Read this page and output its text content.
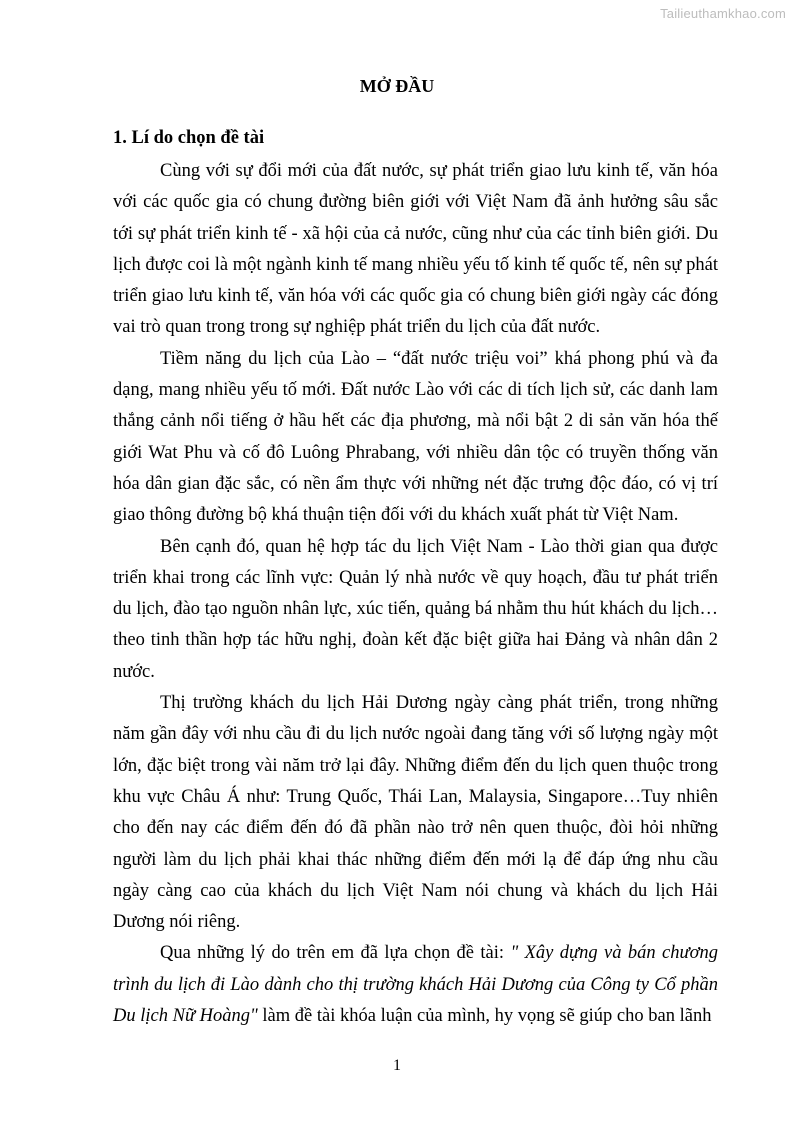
Tailieuthamkhao.com
MỞ ĐẦU
1. Lí do chọn đề tài

Cùng với sự đổi mới của đất nước, sự phát triển giao lưu kinh tế, văn hóa với các quốc gia có chung đường biên giới với Việt Nam đã ảnh hưởng sâu sắc tới sự phát triển kinh tế - xã hội của cả nước, cũng như của các tỉnh biên giới. Du lịch được coi là một ngành kinh tế mang nhiều yếu tố kinh tế quốc tế, nên sự phát triển giao lưu kinh tế, văn hóa với các quốc gia có chung biên giới ngày các đóng vai trò quan trong trong sự nghiệp phát triển du lịch của đất nước.

Tiềm năng du lịch của Lào – “đất nước triệu voi” khá phong phú và đa dạng, mang nhiều yếu tố mới. Đất nước Lào với các di tích lịch sử, các danh lam thắng cảnh nổi tiếng ở hầu hết các địa phương, mà nổi bật 2 di sản văn hóa thế giới Wat Phu và cố đô Luông Phrabang, với nhiều dân tộc có truyền thống văn hóa dân gian đặc sắc, có nền ẩm thực với những nét đặc trưng độc đáo, có vị trí giao thông đường bộ khá thuận tiện đối với du khách xuất phát từ Việt Nam.

Bên cạnh đó, quan hệ hợp tác du lịch Việt Nam - Lào thời gian qua được triển khai trong các lĩnh vực: Quản lý nhà nước về quy hoạch, đầu tư phát triển du lịch, đào tạo nguồn nhân lực, xúc tiến, quảng bá nhằm thu hút khách du lịch…theo tinh thần hợp tác hữu nghị, đoàn kết đặc biệt giữa hai Đảng và nhân dân 2 nước.

Thị trường khách du lịch Hải Dương ngày càng phát triển, trong những năm gần đây với nhu cầu đi du lịch nước ngoài đang tăng với số lượng ngày một lớn, đặc biệt trong vài năm trở lại đây. Những điểm đến du lịch quen thuộc trong khu vực Châu Á như: Trung Quốc, Thái Lan, Malaysia, Singapore…Tuy nhiên cho đến nay các điểm đến đó đã phần nào trở nên quen thuộc, đòi hỏi những người làm du lịch phải khai thác những điểm đến mới lạ để đáp ứng nhu cầu ngày càng cao của khách du lịch Việt Nam nói chung và khách du lịch Hải Dương nói riêng.

Qua những lý do trên em đã lựa chọn đề tài: " Xây dựng và bán chương trình du lịch đi Lào dành cho thị trường khách Hải Dương của Công ty Cổ phần Du lịch Nữ Hoàng" làm đề tài khóa luận của mình, hy vọng sẽ giúp cho ban lãnh

1
